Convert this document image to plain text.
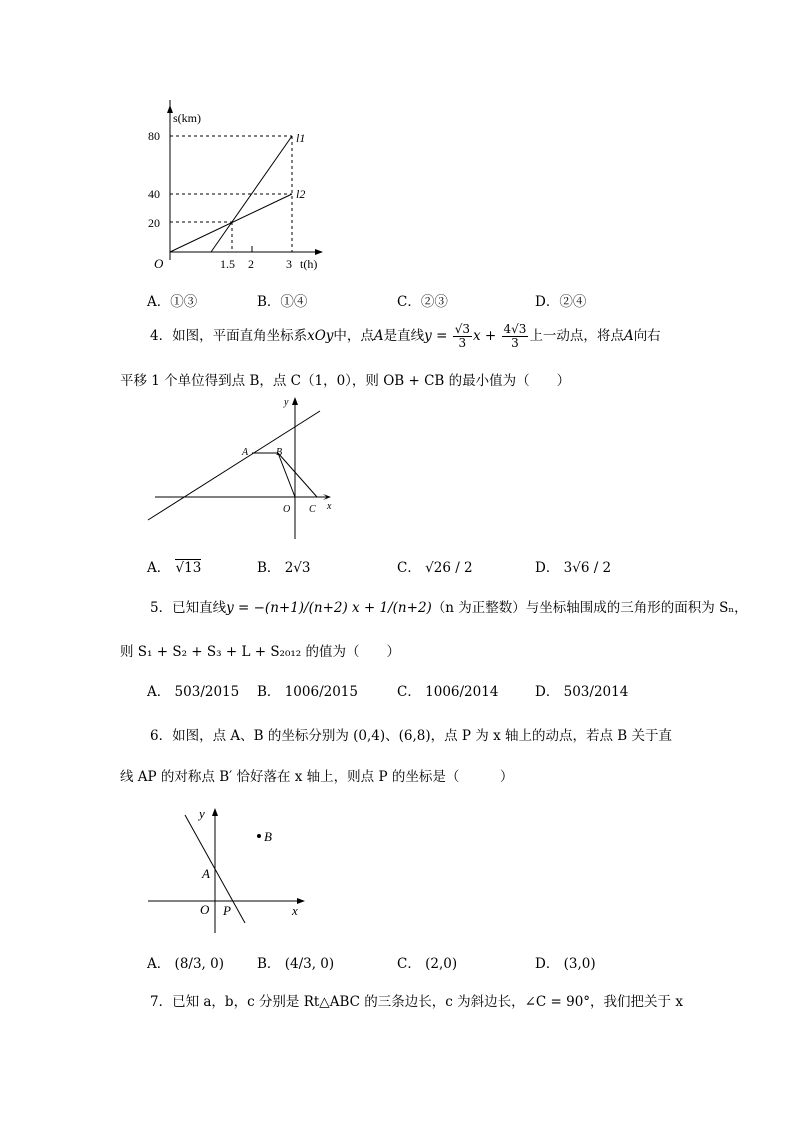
s(km)
80
40
20
O	1.5 2	3 t(h)
l1
l2
A．①③	B．①④	C．②③	D．②④
4．如图，平面直角坐标系xOy中，点A是直线$y = \frac{√3}{3}$ $x + \frac{4√3}{3}$ 上一动点，将点A向右
平移 1 个单位得到点 B，点 C（1，0），则 OB + CB 的最小值为（　　）
A	B
O C x
y
A． √13	B． 2√3	C． √26 / 2	D． 3√6 / 2
5．已知直线y = −(n+1)/(n+2) x + 1/(n+2)（n 为正整数）与坐标轴围成的三角形的面积为 Sₙ，
则 S₁ + S₂ + S₃ + L + S₂₀₁₂ 的值为（　　）
A． 503/2015 B． 1006/2015	C． 1006/2014	D． 503/2014
6．如图，点 A、B 的坐标分别为 (0,4)、(6,8)，点 P 为 x 轴上的动点，若点 B 关于直
线 AP 的对称点 B′ 恰好落在 x 轴上，则点 P 的坐标是（　　　）
y
B
A
O P	x
A． (8/3, 0) B． (4/3, 0)	C． (2,0)	D． (3,0)
7．已知 a，b，c 分别是 Rt△ABC 的三条边长，c 为斜边长，∠C = 90°，我们把关于 x
